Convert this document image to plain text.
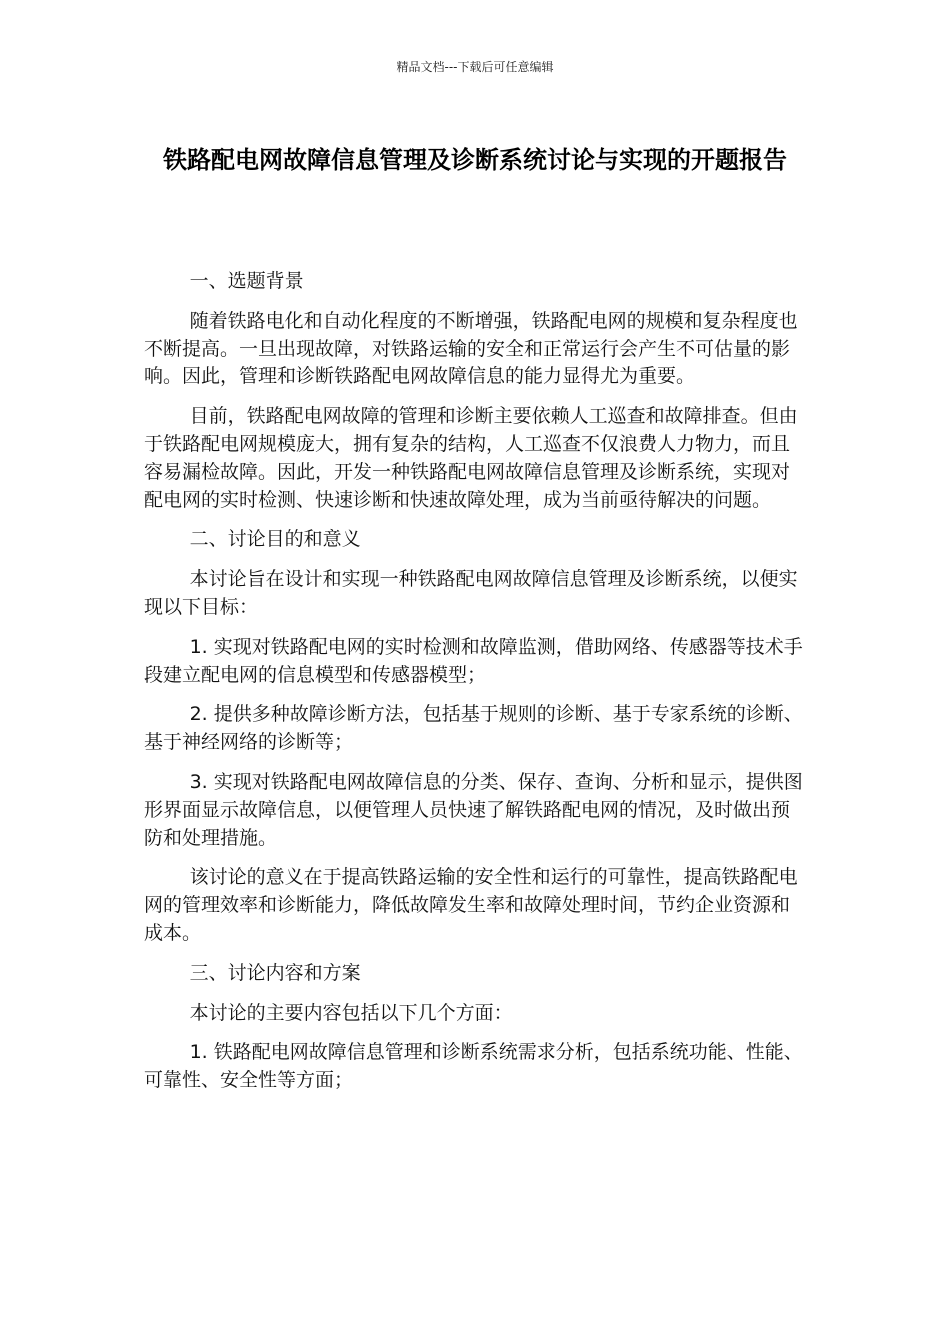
精品文档---下载后可任意编辑
铁路配电网故障信息管理及诊断系统讨论与实现的开题报告

一、选题背景

随着铁路电化和自动化程度的不断增强，铁路配电网的规模和复杂程度也不断提高。一旦出现故障，对铁路运输的安全和正常运行会产生不可估量的影响。因此，管理和诊断铁路配电网故障信息的能力显得尤为重要。

目前，铁路配电网故障的管理和诊断主要依赖人工巡查和故障排查。但由于铁路配电网规模庞大，拥有复杂的结构，人工巡查不仅浪费人力物力，而且容易漏检故障。因此，开发一种铁路配电网故障信息管理及诊断系统，实现对配电网的实时检测、快速诊断和快速故障处理，成为当前亟待解决的问题。

二、讨论目的和意义

本讨论旨在设计和实现一种铁路配电网故障信息管理及诊断系统，以便实现以下目标：

1. 实现对铁路配电网的实时检测和故障监测，借助网络、传感器等技术手段建立配电网的信息模型和传感器模型；

2. 提供多种故障诊断方法，包括基于规则的诊断、基于专家系统的诊断、基于神经网络的诊断等；

3. 实现对铁路配电网故障信息的分类、保存、查询、分析和显示，提供图形界面显示故障信息，以便管理人员快速了解铁路配电网的情况，及时做出预防和处理措施。

该讨论的意义在于提高铁路运输的安全性和运行的可靠性，提高铁路配电网的管理效率和诊断能力，降低故障发生率和故障处理时间，节约企业资源和成本。

三、讨论内容和方案

本讨论的主要内容包括以下几个方面：

1. 铁路配电网故障信息管理和诊断系统需求分析，包括系统功能、性能、可靠性、安全性等方面；
